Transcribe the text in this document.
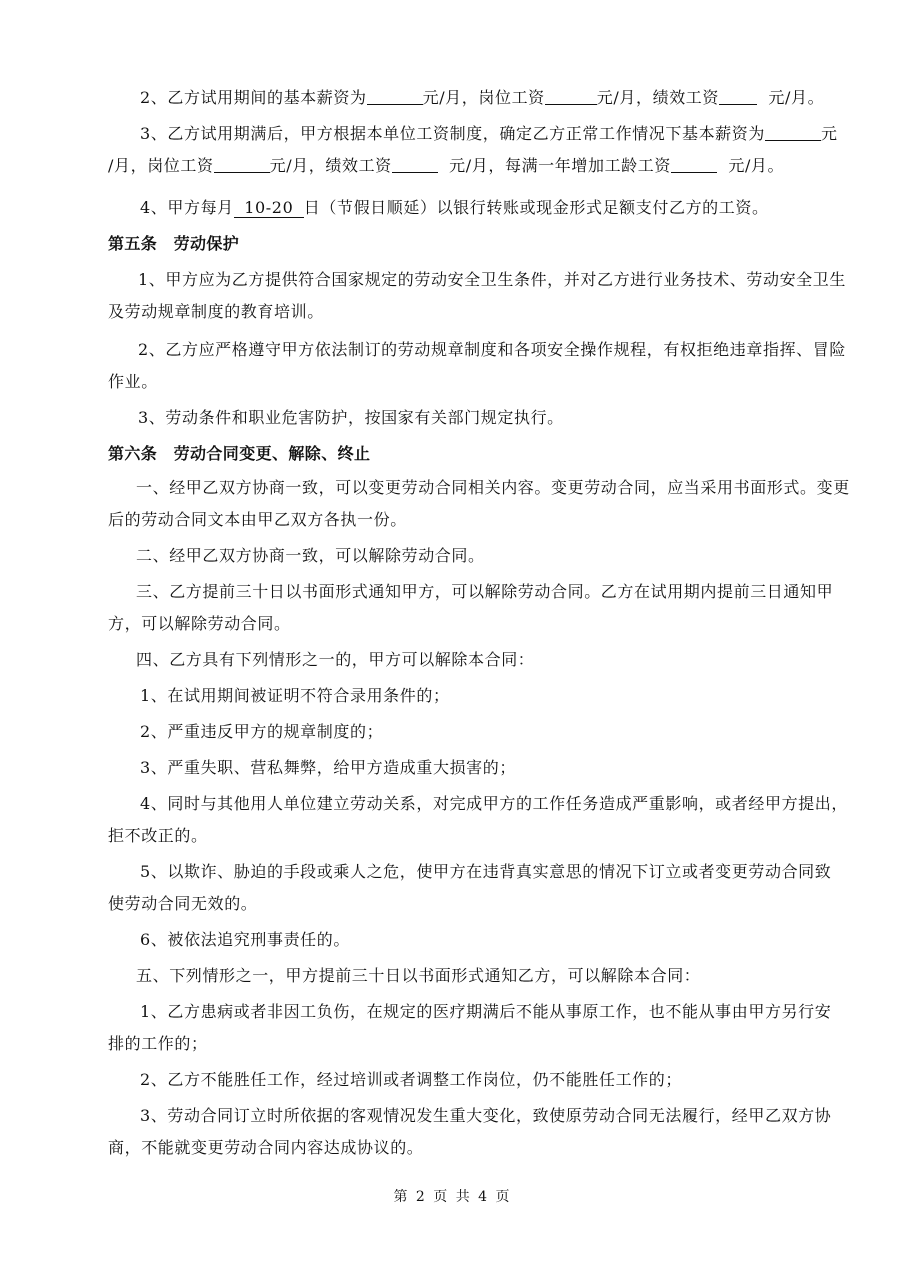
2、乙方试用期间的基本薪资为	元/月，岗位工资	元/月，绩效工资	元/月。
3、乙方试用期满后，甲方根据本单位工资制度，确定乙方正常工作情况下基本薪资为	元
/月，岗位工资	元/月，绩效工资	元/月，每满一年增加工龄工资	元/月。
4、甲方每月 10-20 日（节假日顺延）以银行转账或现金形式足额支付乙方的工资。
第五条　劳动保护
1、甲方应为乙方提供符合国家规定的劳动安全卫生条件，并对乙方进行业务技术、劳动安全卫生
及劳动规章制度的教育培训。
2、乙方应严格遵守甲方依法制订的劳动规章制度和各项安全操作规程，有权拒绝违章指挥、冒险
作业。
3、劳动条件和职业危害防护，按国家有关部门规定执行。
第六条　劳动合同变更、解除、终止
一、经甲乙双方协商一致，可以变更劳动合同相关内容。变更劳动合同，应当采用书面形式。变更
后的劳动合同文本由甲乙双方各执一份。
二、经甲乙双方协商一致，可以解除劳动合同。
三、乙方提前三十日以书面形式通知甲方，可以解除劳动合同。乙方在试用期内提前三日通知甲
方，可以解除劳动合同。
四、乙方具有下列情形之一的，甲方可以解除本合同：
1、在试用期间被证明不符合录用条件的；
2、严重违反甲方的规章制度的；
3、严重失职、营私舞弊，给甲方造成重大损害的；
4、同时与其他用人单位建立劳动关系，对完成甲方的工作任务造成严重影响，或者经甲方提出，
拒不改正的。
5、以欺诈、胁迫的手段或乘人之危，使甲方在违背真实意思的情况下订立或者变更劳动合同致
使劳动合同无效的。
6、被依法追究刑事责任的。
五、下列情形之一，甲方提前三十日以书面形式通知乙方，可以解除本合同：
1、乙方患病或者非因工负伤，在规定的医疗期满后不能从事原工作，也不能从事由甲方另行安
排的工作的；
2、乙方不能胜任工作，经过培训或者调整工作岗位，仍不能胜任工作的；
3、劳动合同订立时所依据的客观情况发生重大变化，致使原劳动合同无法履行，经甲乙双方协
商，不能就变更劳动合同内容达成协议的。
第 2 页 共 4 页
